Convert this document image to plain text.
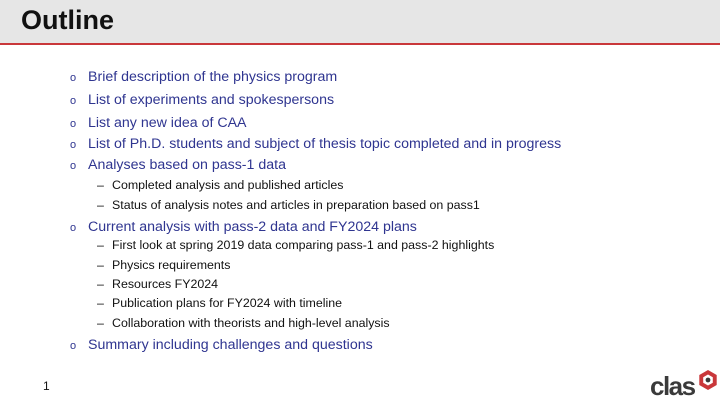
Outline
o Brief description of the physics program
o List of experiments and spokespersons
o List any new idea of CAA
o List of Ph.D. students and subject of thesis topic completed and in progress
o Analyses based on pass-1 data
– Completed analysis and published articles
– Status of analysis notes and articles in preparation based on pass1
o Current analysis with pass-2 data and FY2024 plans
– First look at spring 2019 data comparing pass-1 and pass-2 highlights
– Physics requirements
– Resources FY2024
– Publication plans for FY2024 with timeline
– Collaboration with theorists and high-level analysis
o Summary including challenges and questions
1	clas
